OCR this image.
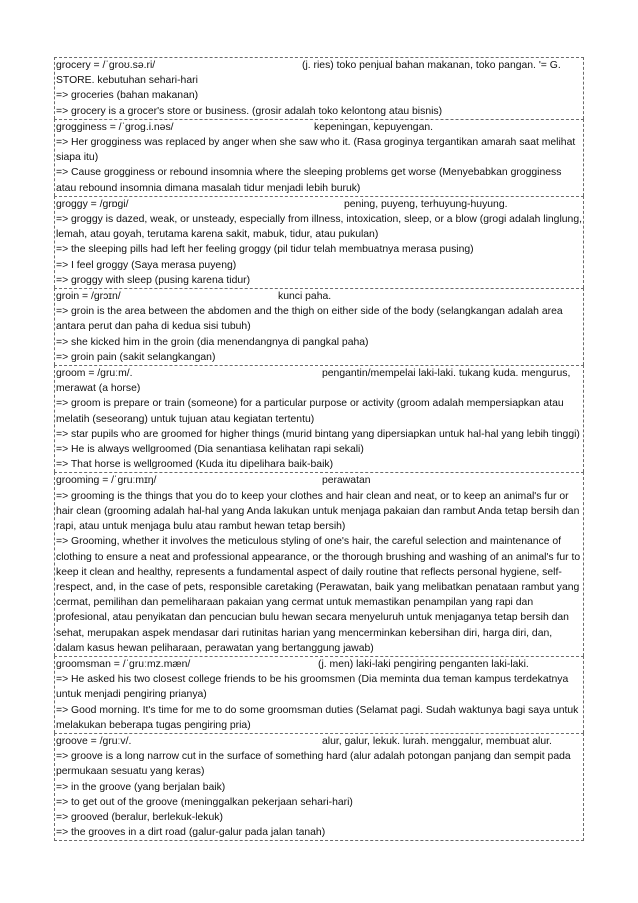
grocery = /ˈɡroʊ.sə.ri/	(j. ries) toko penjual bahan makanan, toko pangan. '= G. STORE. kebutuhan sehari-hari
=> groceries (bahan makanan)
=> grocery is a grocer's store or business. (grosir adalah toko kelontong atau bisnis)
grogginess = /ˈɡrog.i.nəs/	kepeningan, kepuyengan.
=> Her grogginess was replaced by anger when she saw who it. (Rasa groginya tergantikan amarah saat melihat siapa itu)
=> Cause grogginess or rebound insomnia where the sleeping problems get worse (Menyebabkan grogginess atau rebound insomnia dimana masalah tidur menjadi lebih buruk)
groggy = /grɒgi/	pening, puyeng, terhuyung-huyung.
=> groggy is dazed, weak, or unsteady, especially from illness, intoxication, sleep, or a blow (grogi adalah linglung, lemah, atau goyah, terutama karena sakit, mabuk, tidur, atau pukulan)
=> the sleeping pills had left her feeling groggy (pil tidur telah membuatnya merasa pusing)
=> I feel groggy (Saya merasa puyeng)
=> groggy with sleep (pusing karena tidur)
groin = /grɔɪn/	kunci paha.
=> groin is the area between the abdomen and the thigh on either side of the body (selangkangan adalah area antara perut dan paha di kedua sisi tubuh)
=> she kicked him in the groin (dia menendangnya di pangkal paha)
=> groin pain (sakit selangkangan)
groom = /ɡruːm/.	pengantin/mempelai laki-laki. tukang kuda. mengurus, merawat (a horse)
=> groom is prepare or train (someone) for a particular purpose or activity (groom adalah mempersiapkan atau melatih (seseorang) untuk tujuan atau kegiatan tertentu)
=> star pupils who are groomed for higher things (murid bintang yang dipersiapkan untuk hal-hal yang lebih tinggi)
=> He is always wellgroomed (Dia senantiasa kelihatan rapi sekali)
=> That horse is wellgroomed (Kuda itu dipelihara baik-baik)
grooming = /ˈɡruːmɪŋ/	perawatan
=> grooming is the things that you do to keep your clothes and hair clean and neat, or to keep an animal's fur or hair clean (grooming adalah hal-hal yang Anda lakukan untuk menjaga pakaian dan rambut Anda tetap bersih dan rapi, atau untuk menjaga bulu atau rambut hewan tetap bersih)
=> Grooming, whether it involves the meticulous styling of one's hair, the careful selection and maintenance of clothing to ensure a neat and professional appearance, or the thorough brushing and washing of an animal's fur to keep it clean and healthy, represents a fundamental aspect of daily routine that reflects personal hygiene, self-respect, and, in the case of pets, responsible caretaking (Perawatan, baik yang melibatkan penataan rambut yang cermat, pemilihan dan pemeliharaan pakaian yang cermat untuk memastikan penampilan yang rapi dan profesional, atau penyikatan dan pencucian bulu hewan secara menyeluruh untuk menjaganya tetap bersih dan sehat, merupakan aspek mendasar dari rutinitas harian yang mencerminkan kebersihan diri, harga diri, dan, dalam kasus hewan peliharaan, perawatan yang bertanggung jawab)
groomsman = /ˈɡruːmz.mæn/	(j. men) laki-laki pengiring penganten laki-laki.
=> He asked his two closest college friends to be his groomsmen (Dia meminta dua teman kampus terdekatnya untuk menjadi pengiring prianya)
=> Good morning. It's time for me to do some groomsman duties (Selamat pagi. Sudah waktunya bagi saya untuk melakukan beberapa tugas pengiring pria)
groove = /ɡruːv/.	alur, galur, lekuk. lurah. menggalur, membuat alur.
=> groove is a long narrow cut in the surface of something hard (alur adalah potongan panjang dan sempit pada permukaan sesuatu yang keras)
=> in the groove (yang berjalan baik)
=> to get out of the groove (meninggalkan pekerjaan sehari-hari)
=> grooved (beralur, berlekuk-lekuk)
=> the grooves in a dirt road (galur-galur pada jalan tanah)
